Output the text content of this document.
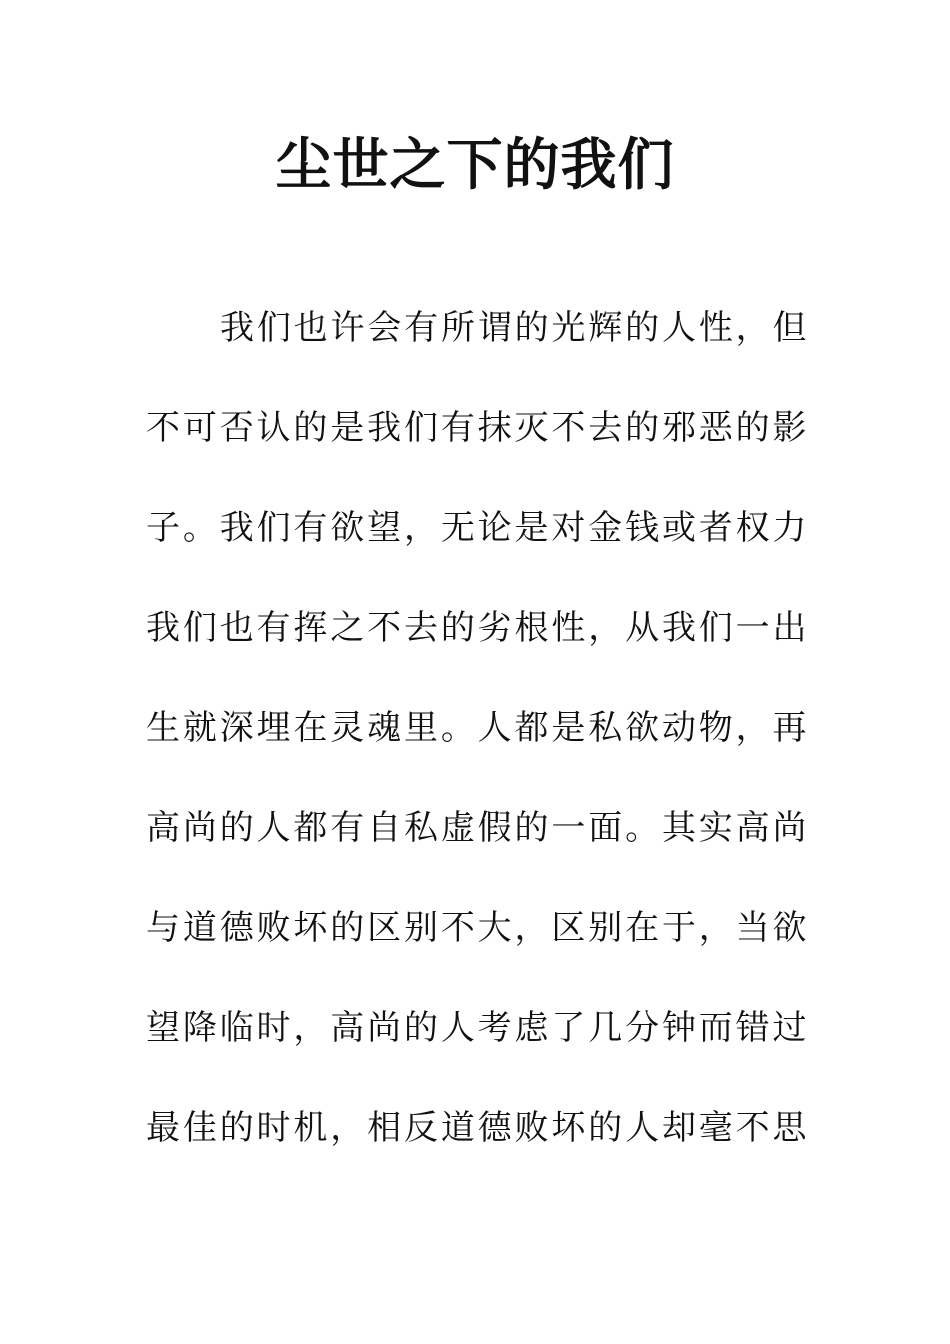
尘世之下的我们
我们也许会有所谓的光辉的人性，但
不可否认的是我们有抹灭不去的邪恶的影
子。我们有欲望，无论是对金钱或者权力
我们也有挥之不去的劣根性，从我们一出
生就深埋在灵魂里。人都是私欲动物，再
高尚的人都有自私虚假的一面。其实高尚
与道德败坏的区别不大，区别在于，当欲
望降临时，高尚的人考虑了几分钟而错过
最佳的时机，相反道德败坏的人却毫不思
